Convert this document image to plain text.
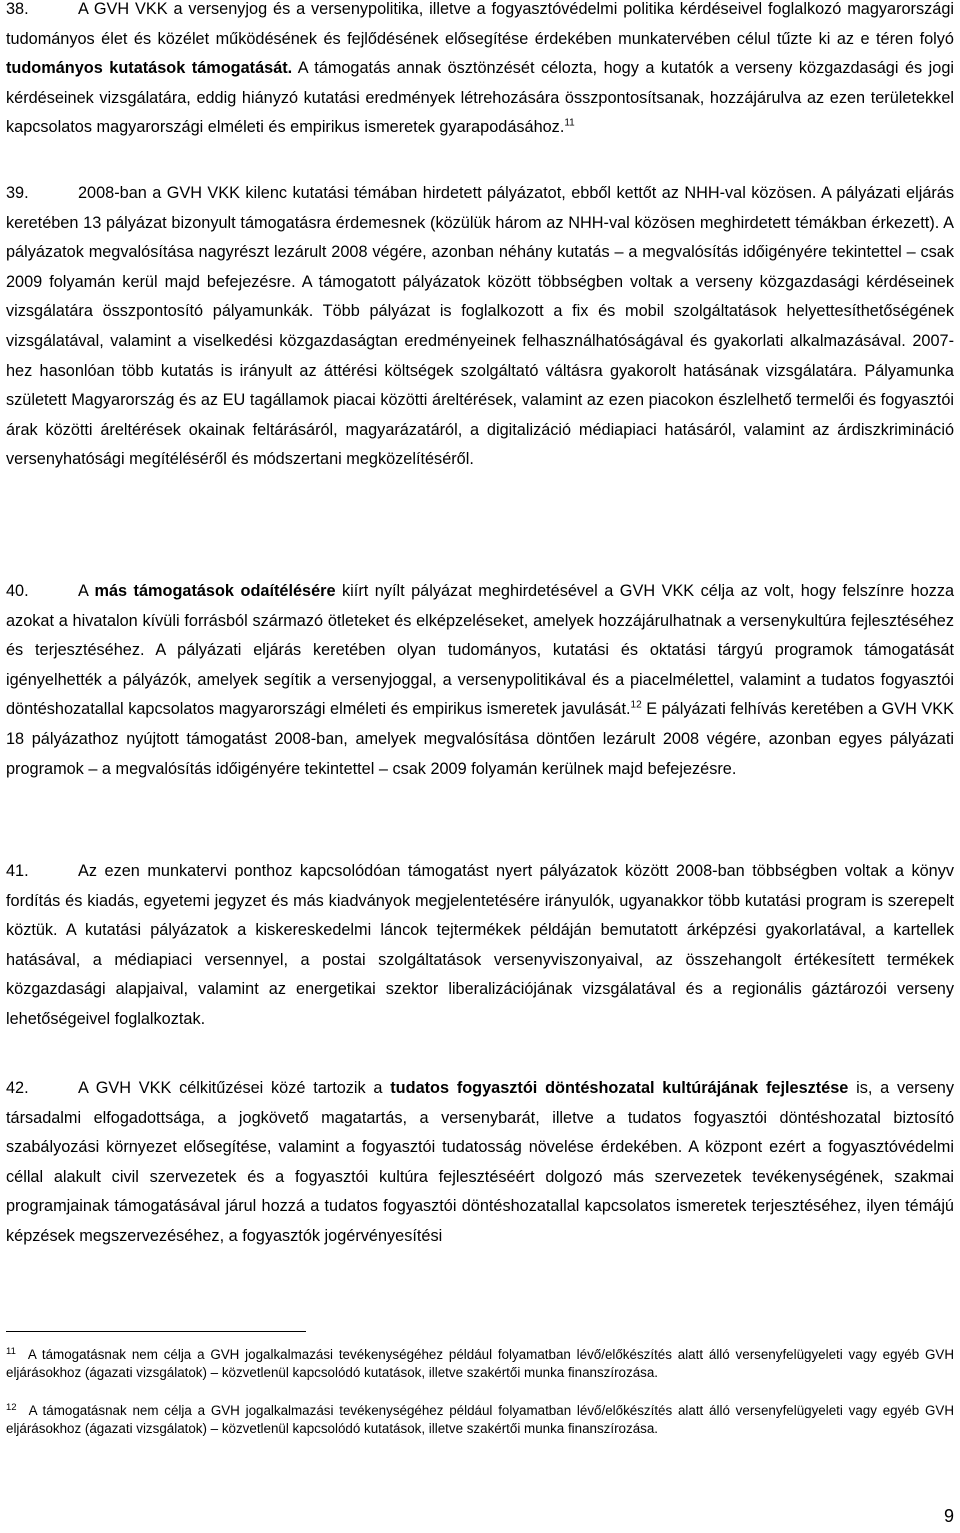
38.	A GVH VKK a versenyjog és a versenypolitika, illetve a fogyasztóvédelmi politika kérdéseivel foglalkozó magyarországi tudományos élet és közélet működésének és fejlődésének elősegítése érdekében munkatervében célul tűzte ki az e téren folyó tudományos kutatások támogatását. A támogatás annak ösztönzését célozta, hogy a kutatók a verseny közgazdasági és jogi kérdéseinek vizsgálatára, eddig hiányzó kutatási eredmények létrehozására összpontosítsanak, hozzájárulva az ezen területekkel kapcsolatos magyarországi elméleti és empirikus ismeretek gyarapodásához.$^{11}$

39.	2008-ban a GVH VKK kilenc kutatási témában hirdetett pályázatot, ebből kettőt az NHH-val közösen. A pályázati eljárás keretében 13 pályázat bizonyult támogatásra érdemesnek (közülük három az NHH-val közösen meghirdetett témákban érkezett). A pályázatok megvalósítása nagyrészt lezárult 2008 végére, azonban néhány kutatás – a megvalósítás időigényére tekintettel – csak 2009 folyamán kerül majd befejezésre. A támogatott pályázatok között többségben voltak a verseny közgazdasági kérdéseinek vizsgálatára összpontosító pályamunkák. Több pályázat is foglalkozott a fix és mobil szolgáltatások helyettesíthetőségének vizsgálatával, valamint a viselkedési közgazdaságtan eredményeinek felhasználhatóságával és gyakorlati alkalmazásával. 2007-hez hasonlóan több kutatás is irányult az áttérési költségek szolgáltató váltásra gyakorolt hatásának vizsgálatára. Pályamunka született Magyarország és az EU tagállamok piacai közötti áreltérések, valamint az ezen piacokon észlelhető termelői és fogyasztói árak közötti áreltérések okainak feltárásáról, magyarázatáról, a digitalizáció médiapiaci hatásáról, valamint az árdiszkrimináció versenyhatósági megítéléséről és módszertani megközelítéséről.

40.	A más támogatások odaítélésére kiírt nyílt pályázat meghirdetésével a GVH VKK célja az volt, hogy felszínre hozza azokat a hivatalon kívüli forrásból származó ötleteket és elképzeléseket, amelyek hozzájárulhatnak a versenykultúra fejlesztéséhez és terjesztéséhez. A pályázati eljárás keretében olyan tudományos, kutatási és oktatási tárgyú programok támogatását igényelhették a pályázók, amelyek segítik a versenyjoggal, a versenypolitikával és a piacelmélettel, valamint a tudatos fogyasztói döntéshozatallal kapcsolatos magyarországi elméleti és empirikus ismeretek javulását.$^{12}$ E pályázati felhívás keretében a GVH VKK 18 pályázathoz nyújtott támogatást 2008-ban, amelyek megvalósítása döntően lezárult 2008 végére, azonban egyes pályázati programok – a megvalósítás időigényére tekintettel – csak 2009 folyamán kerülnek majd befejezésre.

41.	Az ezen munkatervi ponthoz kapcsolódóan támogatást nyert pályázatok között 2008-ban többségben voltak a könyv fordítás és kiadás, egyetemi jegyzet és más kiadványok megjelentetésére irányulók, ugyanakkor több kutatási program is szerepelt köztük. A kutatási pályázatok a kiskereskedelmi láncok tejtermékek példáján bemutatott árképzési gyakorlatával, a kartellek hatásával, a médiapiaci versennyel, a postai szolgáltatások versenyviszonyaival, az összehangolt értékesített termékek közgazdasági alapjaival, valamint az energetikai szektor liberalizációjának vizsgálatával és a regionális gáztározói verseny lehetőségeivel foglalkoztak.

42.	A GVH VKK célkitűzései közé tartozik a tudatos fogyasztói döntéshozatal kultúrájának fejlesztése is, a verseny társadalmi elfogadottsága, a jogkövető magatartás, a versenybarát, illetve a tudatos fogyasztói döntéshozatal biztosító szabályozási környezet elősegítése, valamint a fogyasztói tudatosság növelése érdekében. A központ ezért a fogyasztóvédelmi céllal alakult civil szervezetek és a fogyasztói kultúra fejlesztéséért dolgozó más szervezetek tevékenységének, szakmai programjainak támogatásával járul hozzá a tudatos fogyasztói döntéshozatallal kapcsolatos ismeretek terjesztéséhez, ilyen témájú képzések megszervezéséhez, a fogyasztók jogérvényesítési

$^{11}$ A támogatásnak nem célja a GVH jogalkalmazási tevékenységéhez például folyamatban lévő/előkészítés alatt álló versenyfelügyeleti vagy egyéb GVH eljárásokhoz (ágazati vizsgálatok) – közvetlenül kapcsolódó kutatások, illetve szakértői munka finanszírozása.

$^{12}$ A támogatásnak nem célja a GVH jogalkalmazási tevékenységéhez például folyamatban lévő/előkészítés alatt álló versenyfelügyeleti vagy egyéb GVH eljárásokhoz (ágazati vizsgálatok) – közvetlenül kapcsolódó kutatások, illetve szakértői munka finanszírozása.

9
